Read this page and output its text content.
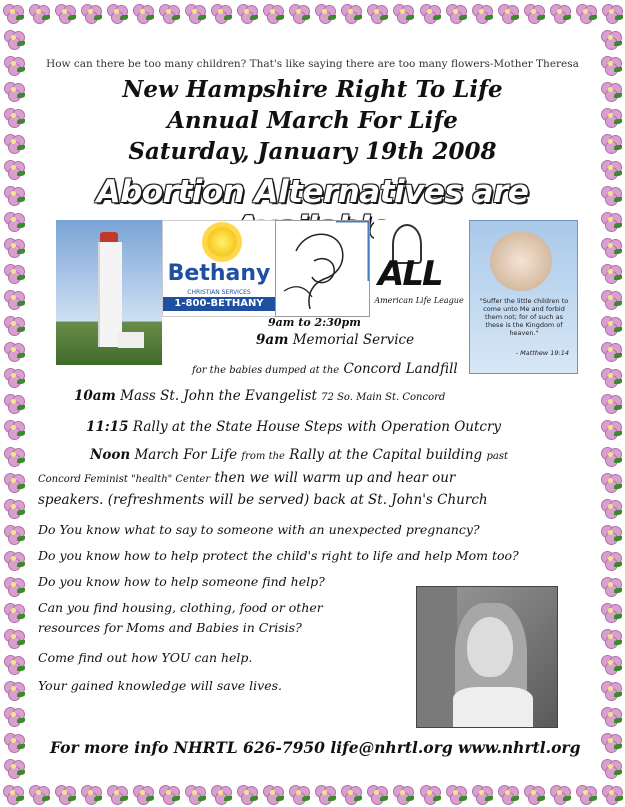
How can there be too many children? That's like saying there are too many flowers-Mother Theresa
New Hampshire Right To Life
Annual March For Life
Saturday, January 19th 2008
Abortion Alternatives are
Bethany
CHRISTIAN SERVICES
1-800-BETHANY
ALL
American Life League "Suffer the little children to come unto Me and forbid them not; for of such as these is the Kingdom of heaven."
- Matthew 19:14
9am to 2:30pm
9am Memorial Service
for the babies dumped at the Concord Landfill
10am Mass St. John the Evangelist 72 So. Main St. Concord
11:15 Rally at the State House Steps with Operation Outcry
Noon March For Life from the Rally at the Capital building past
Concord Feminist "health" Center then we will warm up and hear our
speakers. (refreshments will be served) back at St. John's Church
Do You know what to say to someone with an unexpected pregnancy?
Do you know how to help protect the child's right to life and help Mom too?
Do you know how to help someone find help?
Can you find housing, clothing, food or other
resources for Moms and Babies in Crisis?
Come find out how YOU can help.
Your gained knowledge will save lives.
For more info NHRTL 626-7950 life@nhrtl.org www.nhrtl.org
